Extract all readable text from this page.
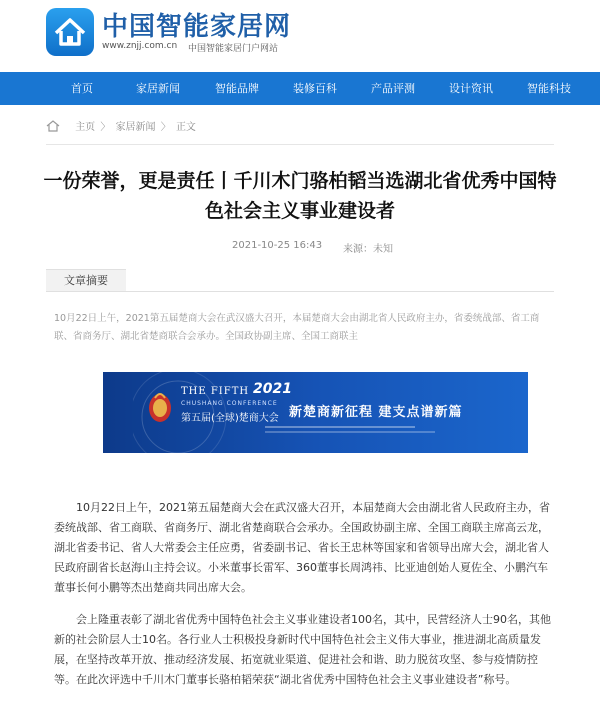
中国智能家居网
www.znjj.com.cn 中国智能家居门户网站
首页	家居新闻	智能品牌	装修百科	产品评测	设计资讯	智能科技
主页 〉 家居新闻 〉 正文
一份荣誉，更是责任丨千川木门骆柏韬当选湖北省优秀中国特色社会主义事业建设者
2021-10-25 16:43 来源：未知
文章摘要

10月22日上午，2021第五届楚商大会在武汉盛大召开，本届楚商大会由湖北省人民政府主办，省委统战部、省工商联、省商务厅、湖北省楚商联合会承办。全国政协副主席、全国工商联主

THE FIFTH 2021
CHUSHANG CONFERENCE
第五届(全球)楚商大会 新楚商新征程 建支点谱新篇

10月22日上午，2021第五届楚商大会在武汉盛大召开，本届楚商大会由湖北省人民政府主办，省委统战部、省工商联、省商务厅、湖北省楚商联合会承办。全国政协副主席、全国工商联主席高云龙，湖北省委书记、省人大常委会主任应勇，省委副书记、省长王忠林等国家和省领导出席大会，湖北省人民政府副省长赵海山主持会议。小米董事长雷军、360董事长周鸿祎、比亚迪创始人夏佐全、小鹏汽车董事长何小鹏等杰出楚商共同出席大会。

会上隆重表彰了湖北省优秀中国特色社会主义事业建设者100名，其中，民营经济人士90名，其他新的社会阶层人士10名。各行业人士积极投身新时代中国特色社会主义伟大事业，推进湖北高质量发展，在坚持改革开放、推动经济发展、拓宽就业渠道、促进社会和谐、助力脱贫攻坚、参与疫情防控等。在此次评选中千川木门董事长骆柏韬荣获“湖北省优秀中国特色社会主义事业建设者”称号。
